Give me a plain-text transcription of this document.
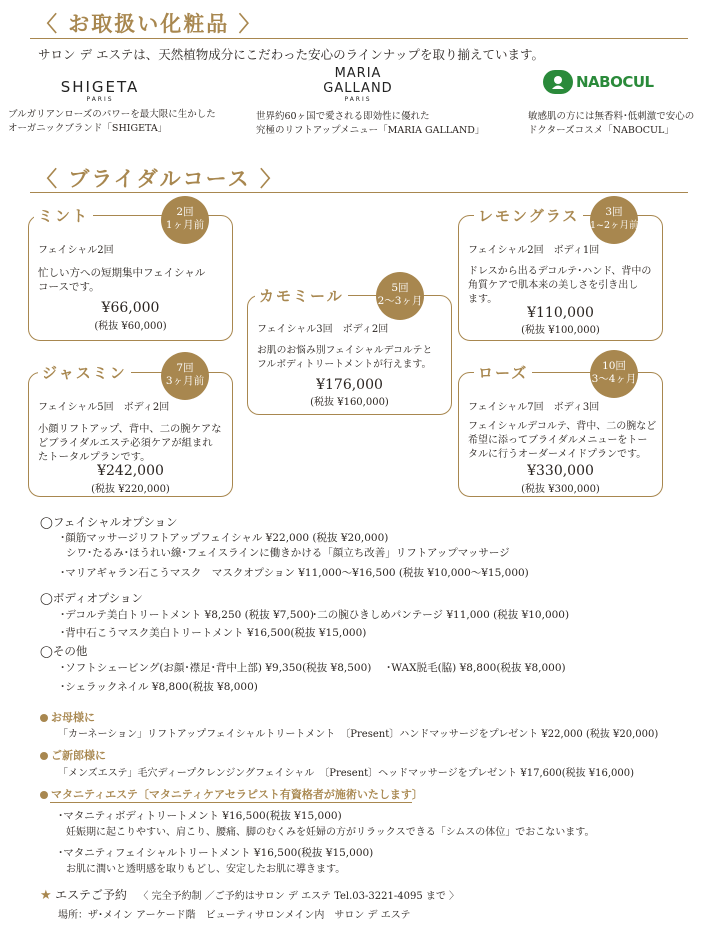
〈 お取扱い化粧品 〉
サロン デ エステは、天然植物成分にこだわった安心のラインナップを取り揃えています。
SHIGETA
PARIS
ブルガリアンローズのパワーを最大限に生かした
オーガニックブランド「SHIGETA」
MARIA
GALLAND
PARIS
世界約60ヶ国で愛される即効性に優れた
究極のリフトアップメニュー「MARIA GALLAND」
NABOCUL
敏感肌の方には無香料･低刺激で安心の
ドクターズコスメ「NABOCUL」
〈 ブライダルコース 〉
ミント	2回
1ヶ月前
フェイシャル2回
忙しい方への短期集中フェイシャル
コースです。
¥66,000
(税抜 ¥60,000)
カモミール	5回
2～3ヶ月
フェイシャル3回　ボディ2回
お肌のお悩み別フェイシャルデコルテと
フルボディトリートメントが行えます。
¥176,000
(税抜 ¥160,000)
レモングラス	3回
1~2ヶ月前
フェイシャル2回　ボディ1回
ドレスから出るデコルテ･ハンド、背中の
角質ケアで肌本来の美しさを引き出し
ます。
¥110,000
(税抜 ¥100,000)
ジャスミン	7回
3ヶ月前
フェイシャル5回　ボディ2回
小顔リフトアップ、背中、二の腕ケアな
どブライダルエステ必須ケアが組まれ
たトータルプランです。
¥242,000
(税抜 ¥220,000)
ローズ	10回
3～4ヶ月
フェイシャル7回　ボディ3回
フェイシャルデコルテ、背中、二の腕など
希望に添ってブライダルメニューをトー
タルに行うオーダーメイドプランです。
¥330,000
(税抜 ¥300,000)
◯フェイシャルオプション
･顔筋マッサージリフトアップフェイシャル ¥22,000 (税抜 ¥20,000)
シワ･たるみ･ほうれい線･フェイスラインに働きかける「顔立ち改善」リフトアップマッサージ
･マリアギャラン石こうマスク　マスクオプション ¥11,000～¥16,500 (税抜 ¥10,000～¥15,000)
◯ボディオプション
･デコルテ美白トリートメント ¥8,250 (税抜 ¥7,500)
･二の腕ひきしめパンテージ ¥11,000 (税抜 ¥10,000)
･背中石こうマスク美白トリートメント ¥16,500(税抜 ¥15,000)
◯その他
･ソフトシェービング(お顔･襟足･背中上部) ¥9,350(税抜 ¥8,500) ･WAX脱毛(脇) ¥8,800(税抜 ¥8,000)
･シェラックネイル ¥8,800(税抜 ¥8,000)
お母様に
「カーネーション」リフトアップフェイシャルトリートメント　〔Present〕ハンドマッサージをプレゼント ¥22,000 (税抜 ¥20,000)
ご新郎様に
「メンズエステ」毛穴ディープクレンジングフェイシャル　〔Present〕ヘッドマッサージをプレゼント ¥17,600(税抜 ¥16,000)
マタニティエステ〔マタニティケアセラピスト有資格者が施術いたします〕
･マタニティボディトリートメント ¥16,500(税抜 ¥15,000)
妊娠期に起こりやすい、肩こり、腰痛、脚のむくみを妊婦の方がリラックスできる「シムスの体位」でおこないます。
･マタニティフェイシャルトリートメント ¥16,500(税抜 ¥15,000)
お肌に潤いと透明感を取りもどし、安定したお肌に導きます。
★ エステご予約 〈 完全予約制 ／ご予約はサロン デ エステ Tel.03-3221-4095 まで 〉
場所：ザ･メイン アーケード階　ビューティサロンメイン内　サロン デ エステ
